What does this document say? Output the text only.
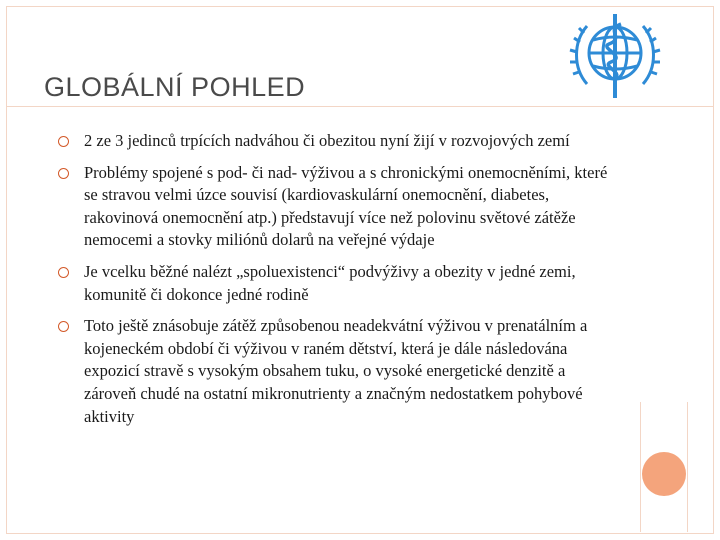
GLOBÁLNÍ POHLED
2 ze 3 jedinců trpících nadváhou či obezitou nyní žijí v rozvojových zemí
Problémy spojené s pod- či nad- výživou a s chronickými onemocněními, které se stravou velmi úzce souvisí (kardiovaskulární onemocnění, diabetes, rakovinová onemocnění atp.) představují více než polovinu světové zátěže nemocemi a stovky miliónů dolarů na veřejné výdaje
Je vcelku běžné nalézt „spoluexistenci“ podvýživy a obezity v jedné zemi, komunitě či dokonce jedné rodině
Toto ještě znásobuje zátěž způsobenou neadekvátní výživou v prenatálním a kojeneckém období či výživou v raném dětství, která je dále následována expozicí stravě s vysokým obsahem tuku, o vysoké energetické denzitě a zároveň chudé na ostatní mikronutrienty a značným nedostatkem pohybové aktivity
